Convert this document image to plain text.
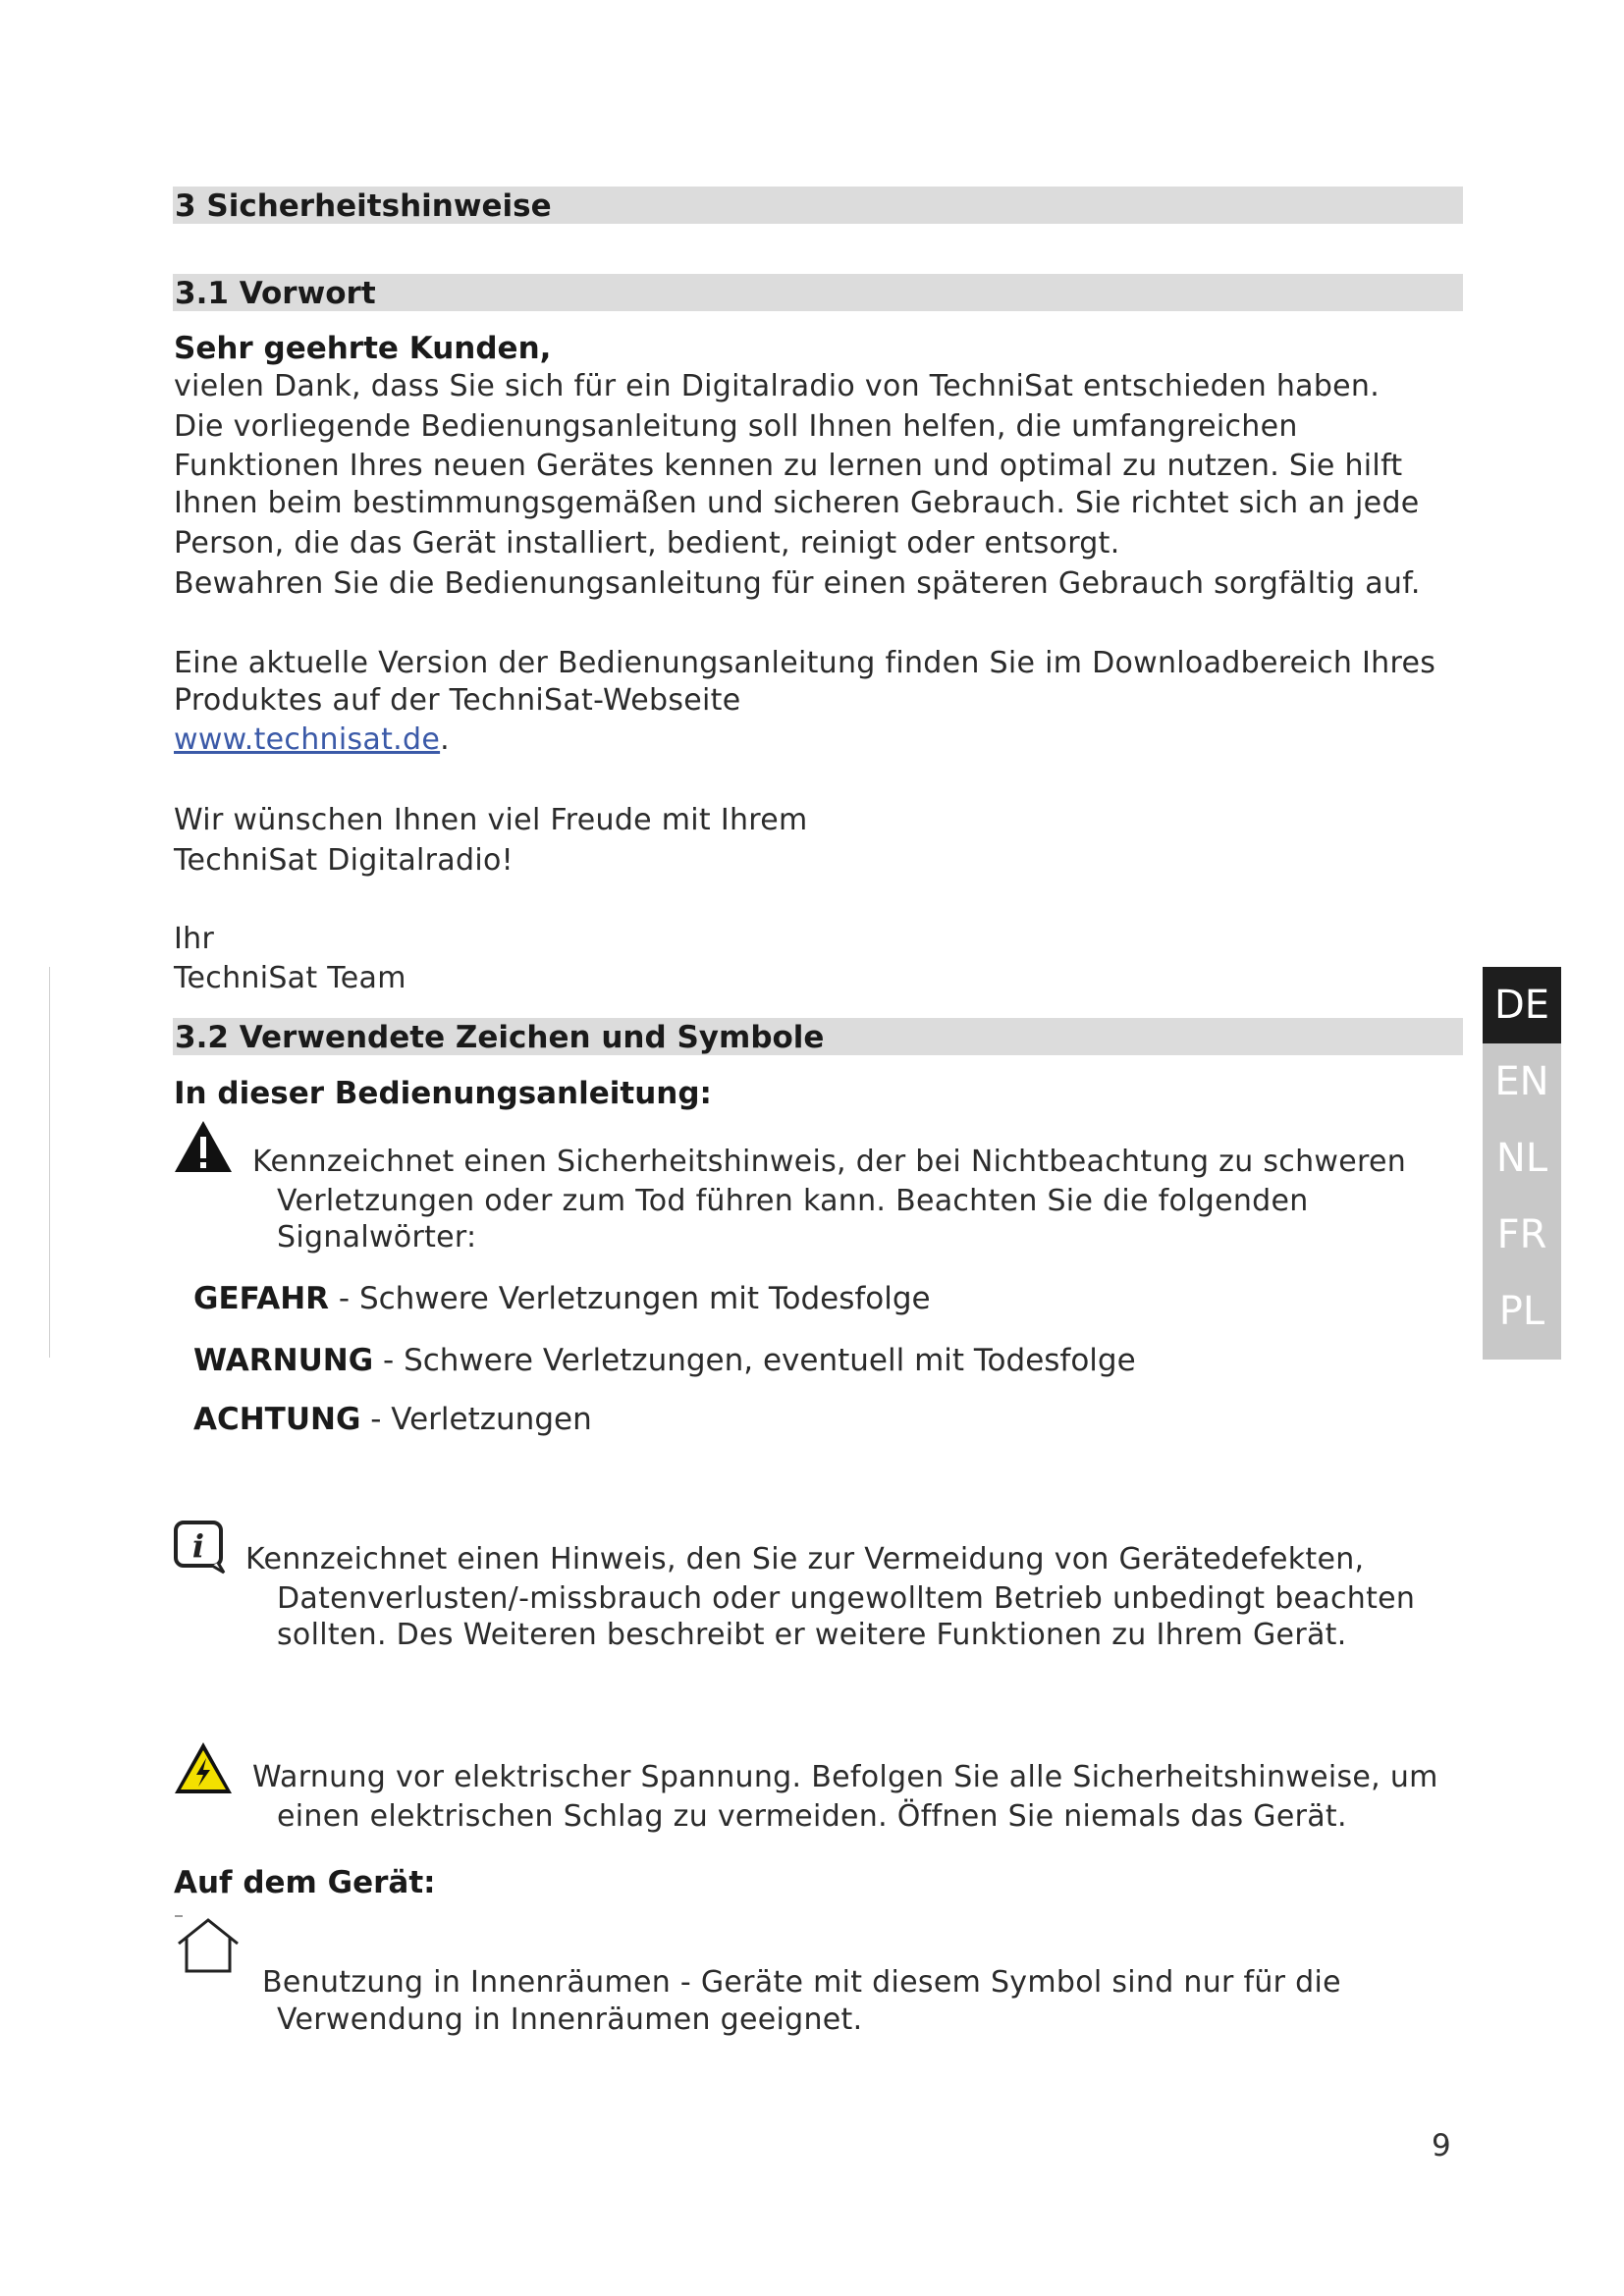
3 Sicherheitshinweise
3.1 Vorwort
Sehr geehrte Kunden,
vielen Dank, dass Sie sich für ein Digitalradio von TechniSat entschieden haben.
Die vorliegende Bedienungsanleitung soll Ihnen helfen, die umfangreichen
Funktionen Ihres neuen Gerätes kennen zu lernen und optimal zu nutzen. Sie hilft
Ihnen beim bestimmungsgemäßen und sicheren Gebrauch. Sie richtet sich an jede
Person, die das Gerät installiert, bedient, reinigt oder entsorgt.
Bewahren Sie die Bedienungsanleitung für einen späteren Gebrauch sorgfältig auf.
Eine aktuelle Version der Bedienungsanleitung finden Sie im Downloadbereich Ihres
Produktes auf der TechniSat-Webseite
www.technisat.de.
Wir wünschen Ihnen viel Freude mit Ihrem
TechniSat Digitalradio!
Ihr
TechniSat Team
3.2 Verwendete Zeichen und Symbole
In dieser Bedienungsanleitung:
Kennzeichnet einen Sicherheitshinweis, der bei Nichtbeachtung zu schweren
Verletzungen oder zum Tod führen kann. Beachten Sie die folgenden
Signalwörter:
GEFAHR - Schwere Verletzungen mit Todesfolge
WARNUNG - Schwere Verletzungen, eventuell mit Todesfolge
ACHTUNG - Verletzungen
i Kennzeichnet einen Hinweis, den Sie zur Vermeidung von Gerätedefekten,
Datenverlusten/-missbrauch oder ungewolltem Betrieb unbedingt beachten
sollten. Des Weiteren beschreibt er weitere Funktionen zu Ihrem Gerät.
Warnung vor elektrischer Spannung. Befolgen Sie alle Sicherheitshinweise, um
einen elektrischen Schlag zu vermeiden. Öffnen Sie niemals das Gerät.
Auf dem Gerät:
Benutzung in Innenräumen - Geräte mit diesem Symbol sind nur für die
Verwendung in Innenräumen geeignet.
DE
EN
NL
FR
PL
9
